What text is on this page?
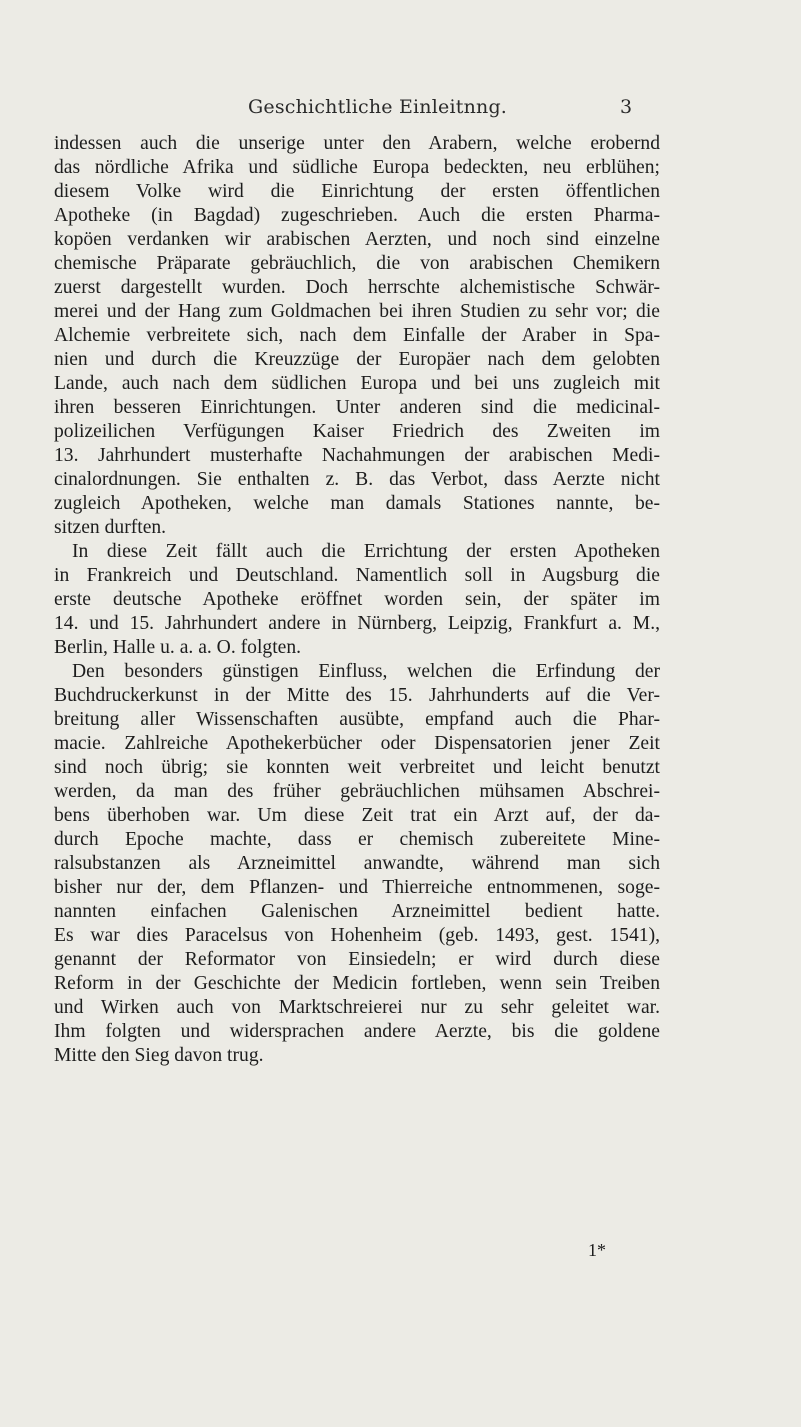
Geschichtliche Einleitnng.	3
indessen auch die unserige unter den Arabern, welche erobernd
das nördliche Afrika und südliche Europa bedeckten, neu erblühen;
diesem Volke wird die Einrichtung der ersten öffentlichen
Apotheke (in Bagdad) zugeschrieben. Auch die ersten Pharma-
kopöen verdanken wir arabischen Aerzten, und noch sind einzelne
chemische Präparate gebräuchlich, die von arabischen Chemikern
zuerst dargestellt wurden. Doch herrschte alchemistische Schwär-
merei und der Hang zum Goldmachen bei ihren Studien zu sehr vor; die
Alchemie verbreitete sich, nach dem Einfalle der Araber in Spa-
nien und durch die Kreuzzüge der Europäer nach dem gelobten
Lande, auch nach dem südlichen Europa und bei uns zugleich mit
ihren besseren Einrichtungen. Unter anderen sind die medicinal-
polizeilichen Verfügungen Kaiser Friedrich des Zweiten im
13. Jahrhundert musterhafte Nachahmungen der arabischen Medi-
cinalordnungen. Sie enthalten z. B. das Verbot, dass Aerzte nicht
zugleich Apotheken, welche man damals Stationes nannte, be-
sitzen durften.
In diese Zeit fällt auch die Errichtung der ersten Apotheken
in Frankreich und Deutschland. Namentlich soll in Augsburg die
erste deutsche Apotheke eröffnet worden sein, der später im
14. und 15. Jahrhundert andere in Nürnberg, Leipzig, Frankfurt a. M.,
Berlin, Halle u. a. a. O. folgten.
Den besonders günstigen Einfluss, welchen die Erfindung der
Buchdruckerkunst in der Mitte des 15. Jahrhunderts auf die Ver-
breitung aller Wissenschaften ausübte, empfand auch die Phar-
macie. Zahlreiche Apothekerbücher oder Dispensatorien jener Zeit
sind noch übrig; sie konnten weit verbreitet und leicht benutzt
werden, da man des früher gebräuchlichen mühsamen Abschrei-
bens überhoben war. Um diese Zeit trat ein Arzt auf, der da-
durch Epoche machte, dass er chemisch zubereitete Mine-
ralsubstanzen als Arzneimittel anwandte, während man sich
bisher nur der, dem Pflanzen- und Thierreiche entnommenen, soge-
nannten einfachen Galenischen Arzneimittel bedient hatte.
Es war dies Paracelsus von Hohenheim (geb. 1493, gest. 1541),
genannt der Reformator von Einsiedeln; er wird durch diese
Reform in der Geschichte der Medicin fortleben, wenn sein Treiben
und Wirken auch von Marktschreierei nur zu sehr geleitet war.
Ihm folgten und widersprachen andere Aerzte, bis die goldene
Mitte den Sieg davon trug.
1*
